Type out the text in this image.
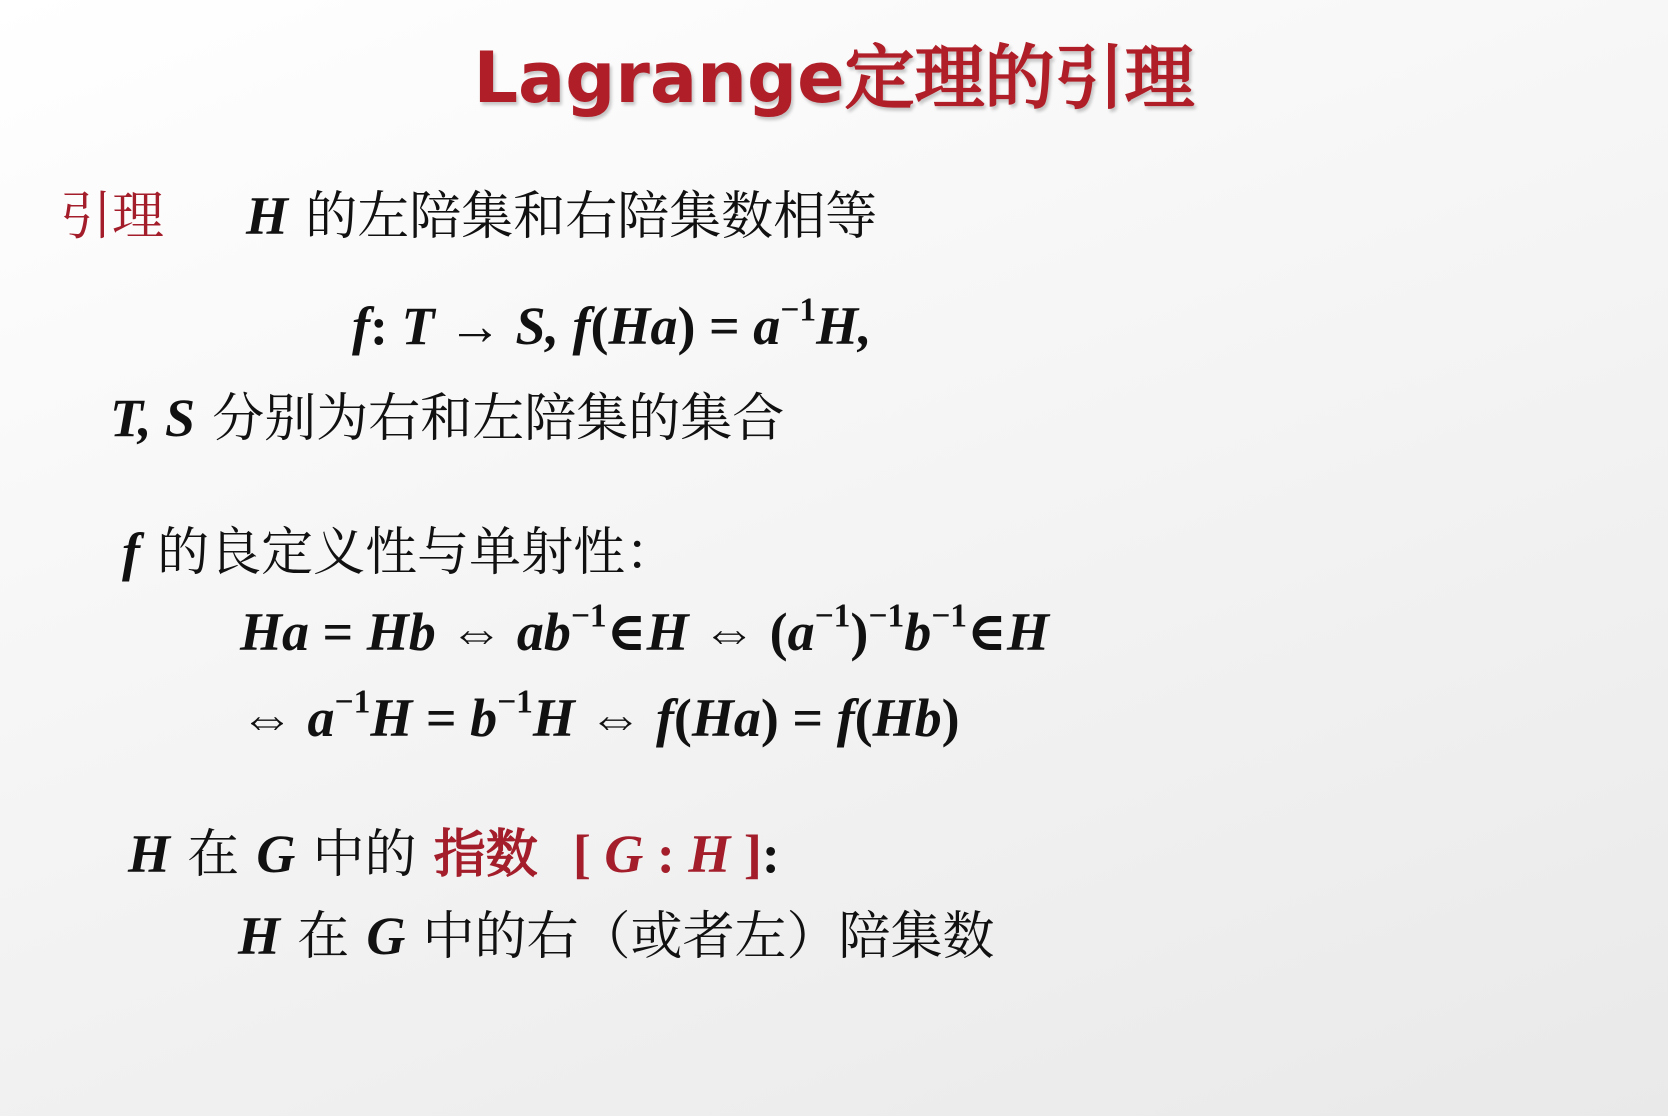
Lagrange定理的引理
引理 H 的左陪集和右陪集数相等
f: T → S, $f(Ha) = a^{-1}H$,
T, S 分别为右和左陪集的集合
f 的良定义性与单射性：
Ha = Hb ⇔ $ab^{-1}\in H$ ⇔ $(a^{-1})^{-1}b^{-1}\in H$
⇔ $a^{-1}H = b^{-1}H$ ⇔ f(Ha) = f(Hb)
H 在 G 中的 指数 [ G : H ]:
H 在 G 中的右（或者左）陪集数
